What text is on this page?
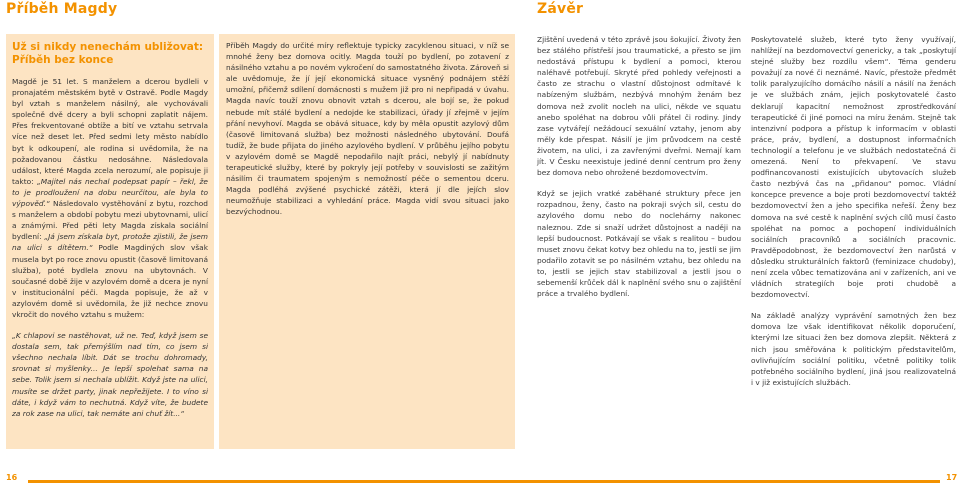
Příběh Magdy	Závěr
Už si nikdy nenechám ubližovat: Příběh bez konce

Magdě je 51 let. S manželem a dcerou bydleli v pronajatém městském bytě v Ostravě. Podle Magdy byl vztah s manželem násilný, ale vychovávali společně dvě dcery a byli schopni zaplatit nájem. Přes frekventované obtíže a bití ve vztahu setrvala více než deset let. Před sedmi lety město nabídlo byt k odkoupení, ale rodina si uvědomila, že na požadovanou částku nedosáhne. Následovala událost, které Magda zcela nerozumí, ale popisuje ji takto: „Majitel nás nechal podepsat papír – řekl, že to je prodloužení na dobu neurčitou, ale byla to výpověď.“ Následovalo vystěhování z bytu, rozchod s manželem a období pobytu mezi ubytovnami, ulicí a známými. Před pěti lety Magda získala sociální bydlení: „Já jsem získala byt, protože zjistili, že jsem na ulici s dítětem.“ Podle Magdiných slov však musela byt po roce znovu opustit (časově limitovaná služba), poté bydlela znovu na ubytovnách. V současné době žije v azylovém domě a dcera je nyní v institucionální péči. Magda popisuje, že až v azylovém domě si uvědomila, že již nechce znovu vkročit do nového vztahu s mužem:

„K chlapovi se nastěhovat, už ne. Teď, když jsem se dostala sem, tak přemýšlím nad tím, co jsem si všechno nechala líbit. Dát se trochu dohromady, srovnat si myšlenky... Je lepší spolehat sama na sebe. Tolik jsem si nechala ublížit. Když jste na ulici, musíte se držet party, jinak nepřežijete. I to víno si dáte, i když vám to nechutná. Když víte, že budete za rok zase na ulici, tak nemáte ani chuť žít...“

Příběh Magdy do určité míry reflektuje typicky zacyklenou situaci, v níž se mnohé ženy bez domova ocitly. Magda touží po bydlení, po zotavení z násilného vztahu a po novém vykročení do samostatného života. Zároveň si ale uvědomuje, že jí její ekonomická situace vysněný podnájem stěží umožní, přičemž sdílení domácnosti s mužem již pro ni nepřipadá v úvahu. Magda navíc touží znovu obnovit vztah s dcerou, ale bojí se, že pokud nebude mít stálé bydlení a nedojde ke stabilizaci, úřady jí zřejmě v jejím přání nevyhoví. Magda se obává situace, kdy by měla opustit azylový dům (časově limitovaná služba) bez možnosti následného ubytování. Doufá tudíž, že bude přijata do jiného azylového bydlení. V průběhu jejího pobytu v azylovém domě se Magdě nepodařilo najít práci, nebylý jí nabídnuty terapeutické služby, které by pokryly její potřeby v souvislosti se zažitým násilím či traumatem spojeným s nemožností péče o sementou dceru. Magda podléhá zvýšené psychické zátěži, která jí dle jejích slov neumožňuje stabilizaci a vyhledání práce. Magda vidí svou situaci jako bezvýchodnou.

Zjištění uvedená v této zprávě jsou šokující. Životy žen bez stálého přístřeší jsou traumatické, a přesto se jim nedostává přístupu k bydlení a pomoci, kterou naléhavě potřebují. Skryté před pohledy veřejnosti a často ze strachu o vlastní důstojnost odmítavé k nabízeným službám, nezbývá mnohým ženám bez domova než zvolit nocleh na ulici, někde ve squatu anebo spoléhat na dobrou vůli přátel či rodiny. Jindy zase vytvářejí nežádoucí sexuální vztahy, jenom aby měly kde přespat. Násilí je jim průvodcem na cestě životem, na ulici, i za zavřenými dveřmi. Nemají kam jít. V Česku neexistuje jediné denní centrum pro ženy bez domova nebo ohrožené bezdomovectvím.

Když se jejich vratké zaběhané struktury přece jen rozpadnou, ženy, často na pokraji svých sil, cestu do azylového domu nebo do noclehárny nakonec naleznou. Zde si snaží udržet důstojnost a naději na lepší budoucnost. Potkávají se však s realitou – budou muset znovu čekat kotvy bez ohledu na to, jestli se jim podařilo zotavit se po násilném vztahu, bez ohledu na to, jestli se jejich stav stabilizoval a jestli jsou o sebemenší krůček dál k naplnění svého snu o zajištění práce a trvalého bydlení.

Poskytovatelé služeb, které tyto ženy využívají, nahlížejí na bezdomovectví genericky, a tak „poskytují stejné služby bez rozdílu všem“. Téma genderu považují za nové či neznámé. Navíc, přestože předmět tolik paralyzujícího domácího násilí a násilí na ženách je ve službách znám, jejich poskytovatelé často deklarují kapacitní nemožnost zprostředkování terapeutické či jiné pomoci na míru ženám. Stejně tak intenzivní podpora a přístup k informacím v oblasti práce, práv, bydlení, a dostupnost informačních technologií a telefonu je ve službách nedostatečná či omezená. Není to překvapení. Ve stavu podfinancovanosti existujících ubytovacích služeb často nezbývá čas na „přidanou“ pomoc. Vládní koncepce prevence a boje proti bezdomovectví taktéž bezdomovectví žen a jeho specifika neřeší. Ženy bez domova na své cestě k naplnění svých cílů musí často spoléhat na pomoc a pochopení individuálních sociálních pracovníků a sociálních pracovnic. Pravděpodobnost, že bezdomovectví žen narůstá v důsledku strukturálních faktorů (feminizace chudoby), není zcela vůbec tematizována ani v zařízeních, ani ve vládních strategiích boje proti chudobě a bezdomovectví.

Na základě analýzy vyprávění samotných žen bez domova lze však identifikovat několik doporučení, kterými lze situaci žen bez domova zlepšit. Některá z nich jsou směřována k politickým představitelům, ovlivňujícím sociální politiku, včetně politiky tolik potřebného sociálního bydlení, jiná jsou realizovatelná i v již existujících službách.

16	17
